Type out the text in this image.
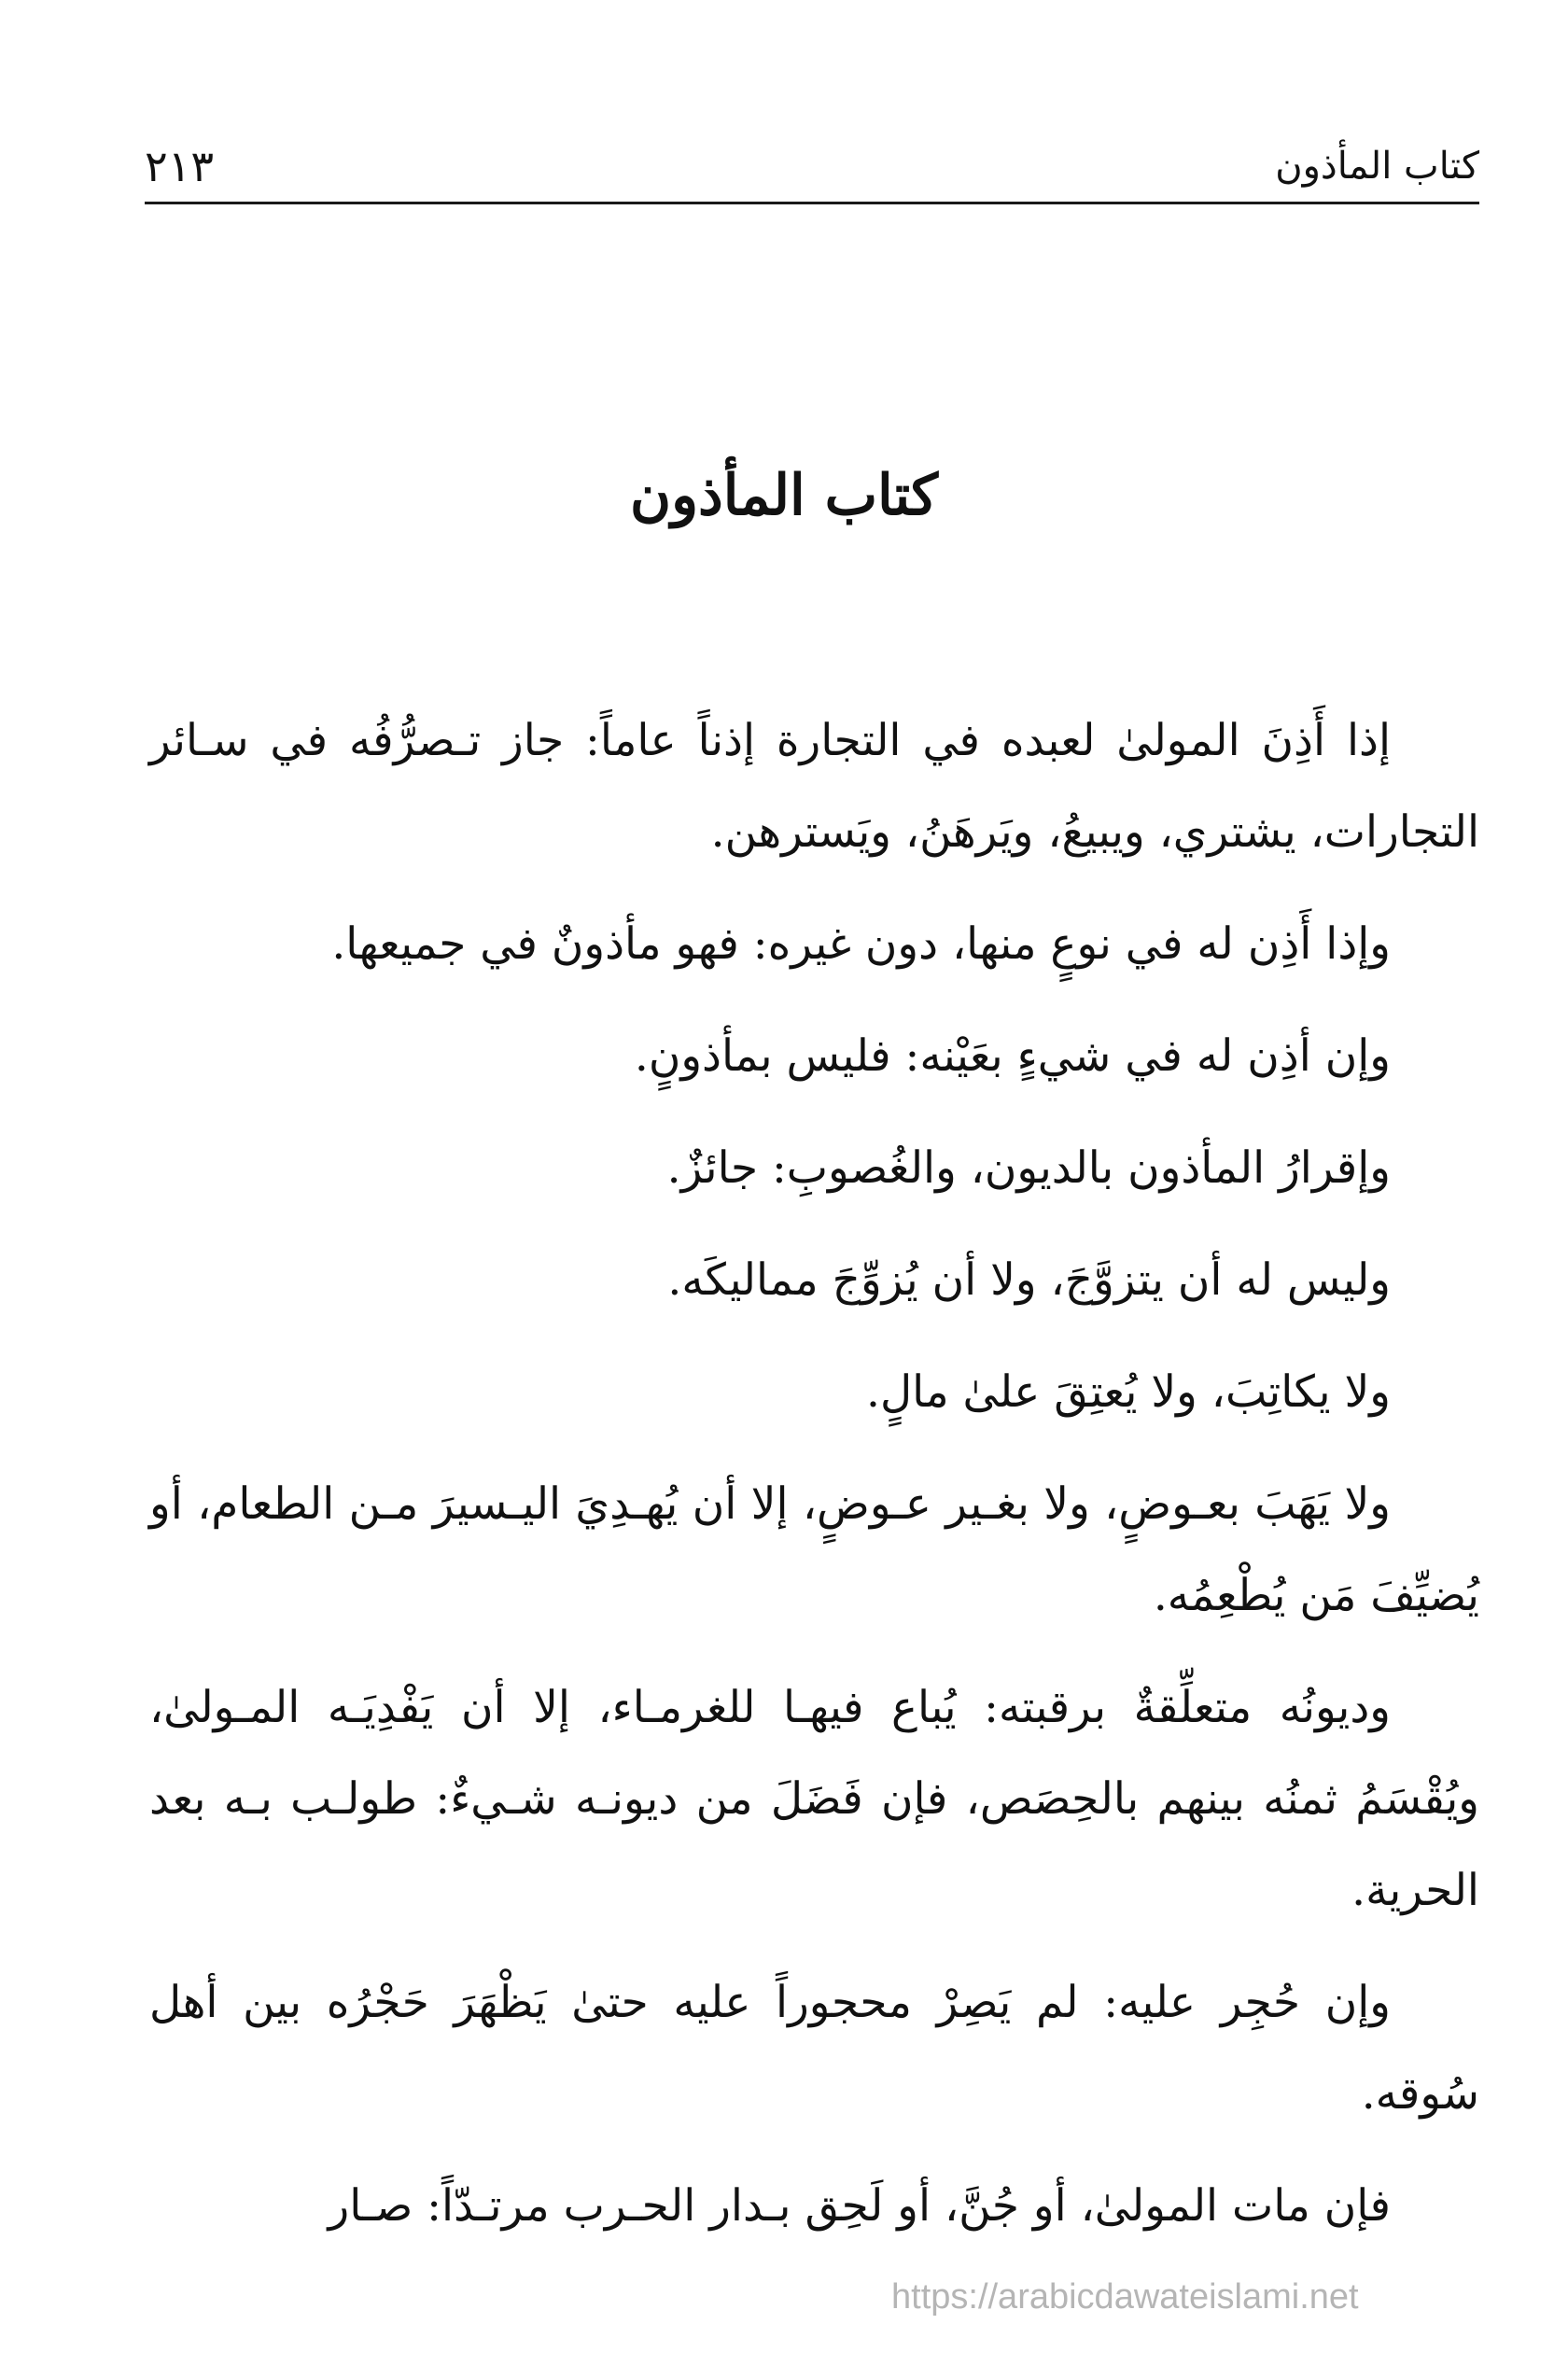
كتاب المأذون
٢١٣
كتاب المأذون

إذا أَذِنَ المولىٰ لعبده في التجارة إذناً عاماً: جاز تـصرُّفُه في سـائر التجارات، يشتري، ويبيعُ، ويَرهَنُ، ويَسترهن.

وإذا أَذِن له في نوعٍ منها، دون غيره: فهو مأذونٌ في جميعها.

وإن أذِن له في شيءٍ بعَيْنه: فليس بمأذونٍ.

وإقرارُ المأذون بالديون، والغُصوبِ: جائزٌ.

وليس له أن يتزوَّجَ، ولا أن يُزوِّجَ مماليكَه.

ولا يكاتِبَ، ولا يُعتِقَ علىٰ مالٍ.

ولا يَهَبَ بعـوضٍ، ولا بغـير عـوضٍ، إلا أن يُهـدِيَ اليـسيرَ مـن الطعام، أو يُضيِّفَ مَن يُطْعِمُه.

وديونُه متعلِّقةٌ برقبته: يُباع فيهـا للغرمـاء، إلا أن يَفْدِيَـه المـولىٰ، ويُقْسَمُ ثمنُه بينهم بالحِصَص، فإن فَضَلَ من ديونـه شـيءٌ: طولـب بـه بعد الحرية.

وإن حُجِر عليه: لم يَصِرْ محجوراً عليه حتىٰ يَظْهَرَ حَجْرُه بين أهل سُوقه.

فإن مات المولىٰ، أو جُنَّ، أو لَحِق بـدار الحـرب مرتـدّاً: صـار

https://arabicdawateislami.net
